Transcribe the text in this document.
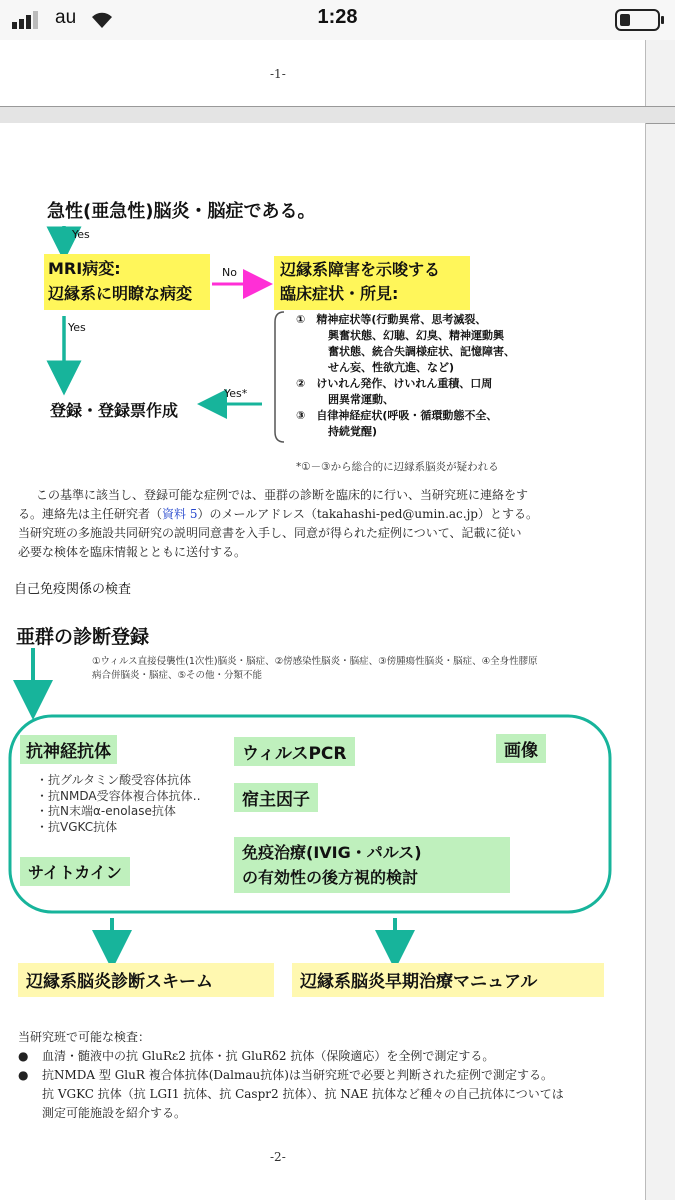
au	1:28
-1-
急性(亜急性)脳炎・脳症である。
Yes
MRI病変:
辺縁系に明瞭な病変
No	辺縁系障害を示唆する
臨床症状・所見:
Yes
登録・登録票作成
Yes*
①　精神症状等(行動異常、思考滅裂、
興奮状態、幻聴、幻臭、精神運動興
奮状態、統合失調様症状、記憶障害、
せん妄、性欲亢進、など)
②　けいれん発作、けいれん重積、口周
囲異常運動、
③　自律神経症状(呼吸・循環動態不全、
持続覚醒)
*①－③から総合的に辺縁系脳炎が疑われる
この基準に該当し、登録可能な症例では、亜群の診断を臨床的に行い、当研究班に連絡をす
る。連絡先は主任研究者（資料 5）のメールアドレス（takahashi-ped@umin.ac.jp）とする。
当研究班の多施設共同研究の説明同意書を入手し、同意が得られた症例について、記載に従い
必要な検体を臨床情報とともに送付する。
自己免疫関係の検査
亜群の診断登録
①ウィルス直接侵襲性(1次性)脳炎・脳症、②傍感染性脳炎・脳症、③傍腫瘍性脳炎・脳症、④全身性膠原
病合併脳炎・脳症、⑤その他・分類不能
抗神経抗体
・抗グルタミン酸受容体抗体
・抗NMDA受容体複合体抗体‥
・抗N末端α-enolase抗体
・抗VGKC抗体
サイトカイン
ウィルスPCR
宿主因子
画像
免疫治療(IVIG・パルス)
の有効性の後方視的検討
辺縁系脳炎診断スキーム	辺縁系脳炎早期治療マニュアル
当研究班で可能な検査：
● 血清・髄液中の抗 GluRε2 抗体・抗 GluRδ2 抗体（保険適応）を全例で測定する。
● 抗NMDA 型 GluR 複合体抗体(Dalmau抗体)は当研究班で必要と判断された症例で測定する。
抗 VGKC 抗体（抗 LGI1 抗体、抗 Caspr2 抗体）、抗 NAE 抗体など種々の自己抗体については
測定可能施設を紹介する。
-2-
